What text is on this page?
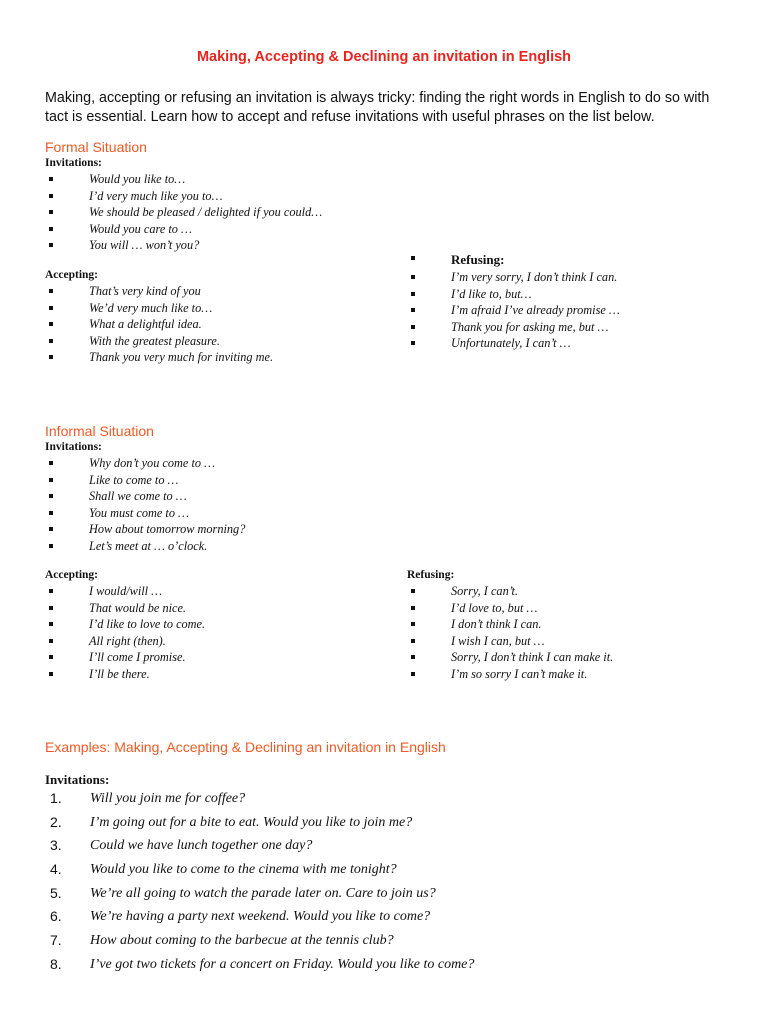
Making, Accepting & Declining an invitation in English

Making, accepting or refusing an invitation is always tricky: finding the right words in English to do so with tact is essential. Learn how to accept and refuse invitations with useful phrases on the list below.

Formal Situation
Invitations:
Would you like to…
I’d very much like you to…
We should be pleased / delighted if you could…
Would you care to …
You will … won’t you?
Accepting:
That’s very kind of you
We’d very much like to…
What a delightful idea.
With the greatest pleasure.
Thank you very much for inviting me.
Refusing:
I’m very sorry, I don’t think I can.
I’d like to, but…
I’m afraid I’ve already promise …
Thank you for asking me, but …
Unfortunately, I can’t …
Informal Situation
Invitations:
Why don’t you come to …
Like to come to …
Shall we come to …
You must come to …
How about tomorrow morning?
Let’s meet at … o’clock.
Accepting:
I would/will …
That would be nice.
I’d like to love to come.
All right (then).
I’ll come I promise.
I’ll be there.
Refusing:
Sorry, I can’t.
I’d love to, but …
I don’t think I can.
I wish I can, but …
Sorry, I don’t think I can make it.
I’m so sorry I can’t make it.
Examples: Making, Accepting & Declining an invitation in English
Invitations:
1. Will you join me for coffee?
2. I’m going out for a bite to eat. Would you like to join me?
3. Could we have lunch together one day?
4. Would you like to come to the cinema with me tonight?
5. We’re all going to watch the parade later on. Care to join us?
6. We’re having a party next weekend. Would you like to come?
7. How about coming to the barbecue at the tennis club?
8. I’ve got two tickets for a concert on Friday. Would you like to come?
